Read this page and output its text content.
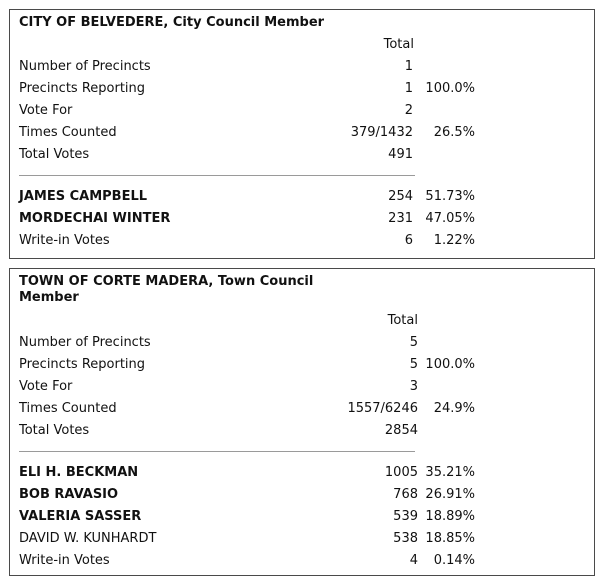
CITY OF BELVEDERE, City Council Member
Total
Number of Precincts	1
Precincts Reporting	1 100.0%
Vote For	2
Times Counted	379/1432	26.5%
Total Votes	491
JAMES CAMPBELL	254 51.73%
MORDECHAI WINTER	231 47.05%
Write-in Votes	6	1.22%
TOWN OF CORTE MADERA, Town Council Member
Total
Number of Precincts	5
Precincts Reporting	5 100.0%
Vote For	3
Times Counted	1557/6246	24.9%
Total Votes	2854
ELI H. BECKMAN	1005 35.21%
BOB RAVASIO	768 26.91%
VALERIA SASSER	539 18.89%
DAVID W. KUNHARDT	538 18.85%
Write-in Votes	4	0.14%
